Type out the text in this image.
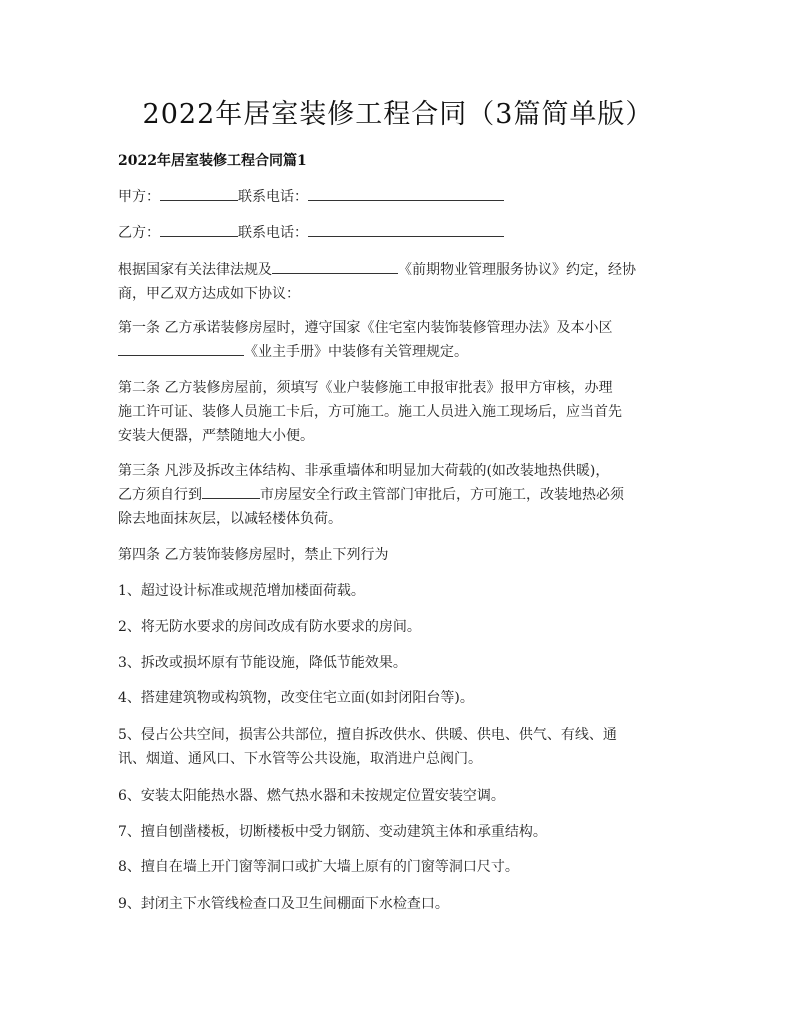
2022年居室装修工程合同（3篇简单版）
2022年居室装修工程合同篇1

甲方：	联系电话：

乙方：	联系电话：

根据国家有关法律法规及	《前期物业管理服务协议》约定，经协
商，甲乙双方达成如下协议：
第一条 乙方承诺装修房屋时，遵守国家《住宅室内装饰装修管理办法》及本小区
《业主手册》中装修有关管理规定。
第二条 乙方装修房屋前，须填写《业户装修施工申报审批表》报甲方审核，办理
施工许可证、装修人员施工卡后，方可施工。施工人员进入施工现场后，应当首先
安装大便器，严禁随地大小便。
第三条 凡涉及拆改主体结构、非承重墙体和明显加大荷载的(如改装地热供暖)，
乙方须自行到	市房屋安全行政主管部门审批后，方可施工，改装地热必须
除去地面抹灰层，以减轻楼体负荷。

第四条 乙方装饰装修房屋时，禁止下列行为

1、超过设计标准或规范增加楼面荷载。

2、将无防水要求的房间改成有防水要求的房间。

3、拆改或损坏原有节能设施，降低节能效果。

4、搭建建筑物或构筑物，改变住宅立面(如封闭阳台等)。

5、侵占公共空间，损害公共部位，擅自拆改供水、供暖、供电、供气、有线、通
讯、烟道、通风口、下水管等公共设施，取消进户总阀门。

6、安装太阳能热水器、燃气热水器和未按规定位置安装空调。

7、擅自刨凿楼板，切断楼板中受力钢筋、变动建筑主体和承重结构。

8、擅自在墙上开门窗等洞口或扩大墙上原有的门窗等洞口尺寸。

9、封闭主下水管线检查口及卫生间棚面下水检查口。
